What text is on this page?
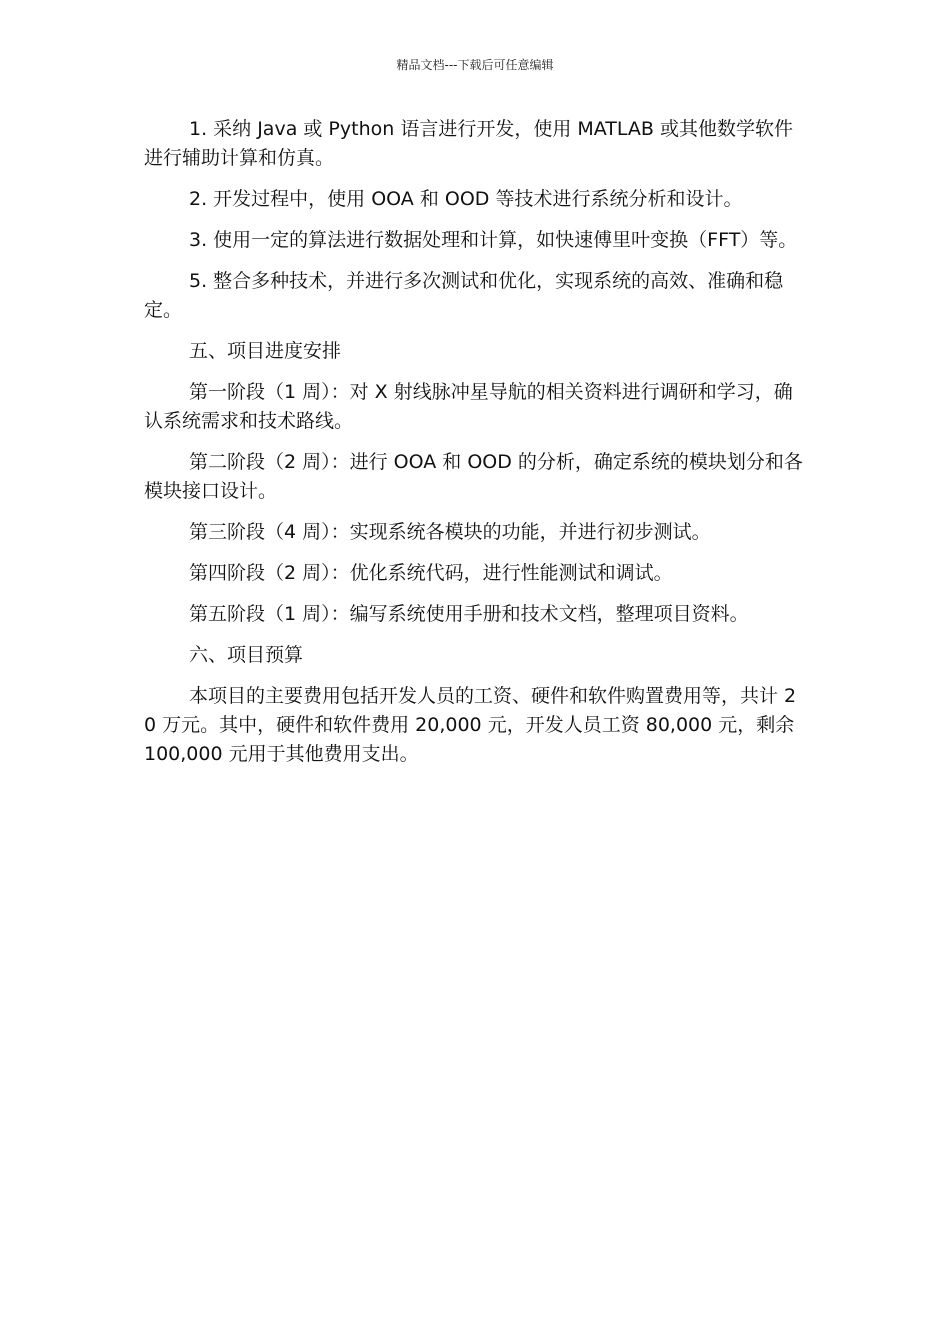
精品文档---下载后可任意编辑

1. 采纳 Java 或 Python 语言进行开发，使用 MATLAB 或其他数学软件进行辅助计算和仿真。

2. 开发过程中，使用 OOA 和 OOD 等技术进行系统分析和设计。

3. 使用一定的算法进行数据处理和计算，如快速傅里叶变换（FFT）等。

5. 整合多种技术，并进行多次测试和优化，实现系统的高效、准确和稳定。

五、项目进度安排

第一阶段（1 周）：对 X 射线脉冲星导航的相关资料进行调研和学习，确认系统需求和技术路线。

第二阶段（2 周）：进行 OOA 和 OOD 的分析，确定系统的模块划分和各模块接口设计。

第三阶段（4 周）：实现系统各模块的功能，并进行初步测试。

第四阶段（2 周）：优化系统代码，进行性能测试和调试。

第五阶段（1 周）：编写系统使用手册和技术文档，整理项目资料。

六、项目预算

本项目的主要费用包括开发人员的工资、硬件和软件购置费用等，共计 20 万元。其中，硬件和软件费用 20,000 元，开发人员工资 80,000 元，剩余 100,000 元用于其他费用支出。
